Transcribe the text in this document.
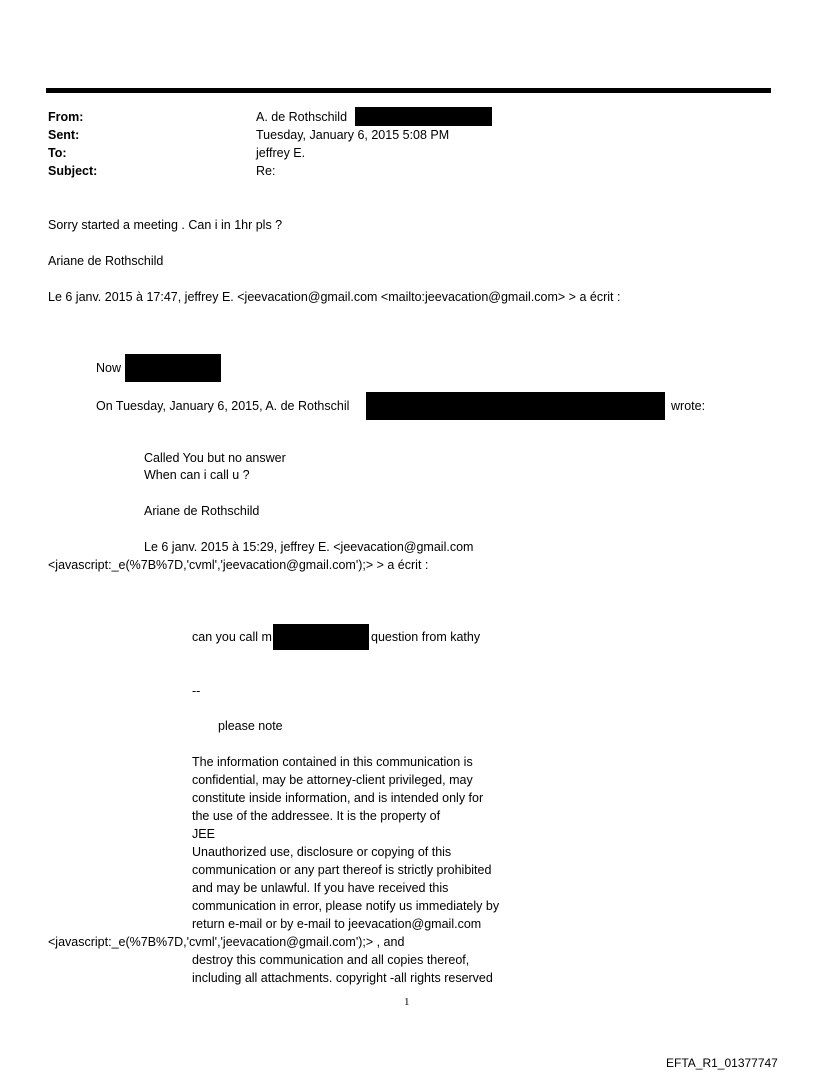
From:
Sent:
To:
Subject:
A. de Rothschild
Tuesday, January 6, 2015 5:08 PM
jeffrey E.
Re:
Sorry started a meeting . Can i in 1hr pls ?
Ariane de Rothschild
Le 6 janv. 2015 à 17:47, jeffrey E. <jeevacation@gmail.com <mailto:jeevacation@gmail.com> > a écrit :
Now
On Tuesday, January 6, 2015, A. de Rothschil	wrote:
Called You but no answer
When can i call u ?
Ariane de Rothschild
Le 6 janv. 2015 à 15:29, jeffrey E. <jeevacation@gmail.com
<javascript:_e(%7B%7D,'cvml','jeevacation@gmail.com');> > a écrit :
can you call m	question from kathy
--
please note
The information contained in this communication is
confidential, may be attorney-client privileged, may
constitute inside information, and is intended only for
the use of the addressee. It is the property of
JEE
Unauthorized use, disclosure or copying of this
communication or any part thereof is strictly prohibited
and may be unlawful. If you have received this
communication in error, please notify us immediately by
return e-mail or by e-mail to jeevacation@gmail.com
<javascript:_e(%7B%7D,'cvml','jeevacation@gmail.com');> , and
destroy this communication and all copies thereof,
including all attachments. copyright -all rights reserved
1
EFTA_R1_01377747
